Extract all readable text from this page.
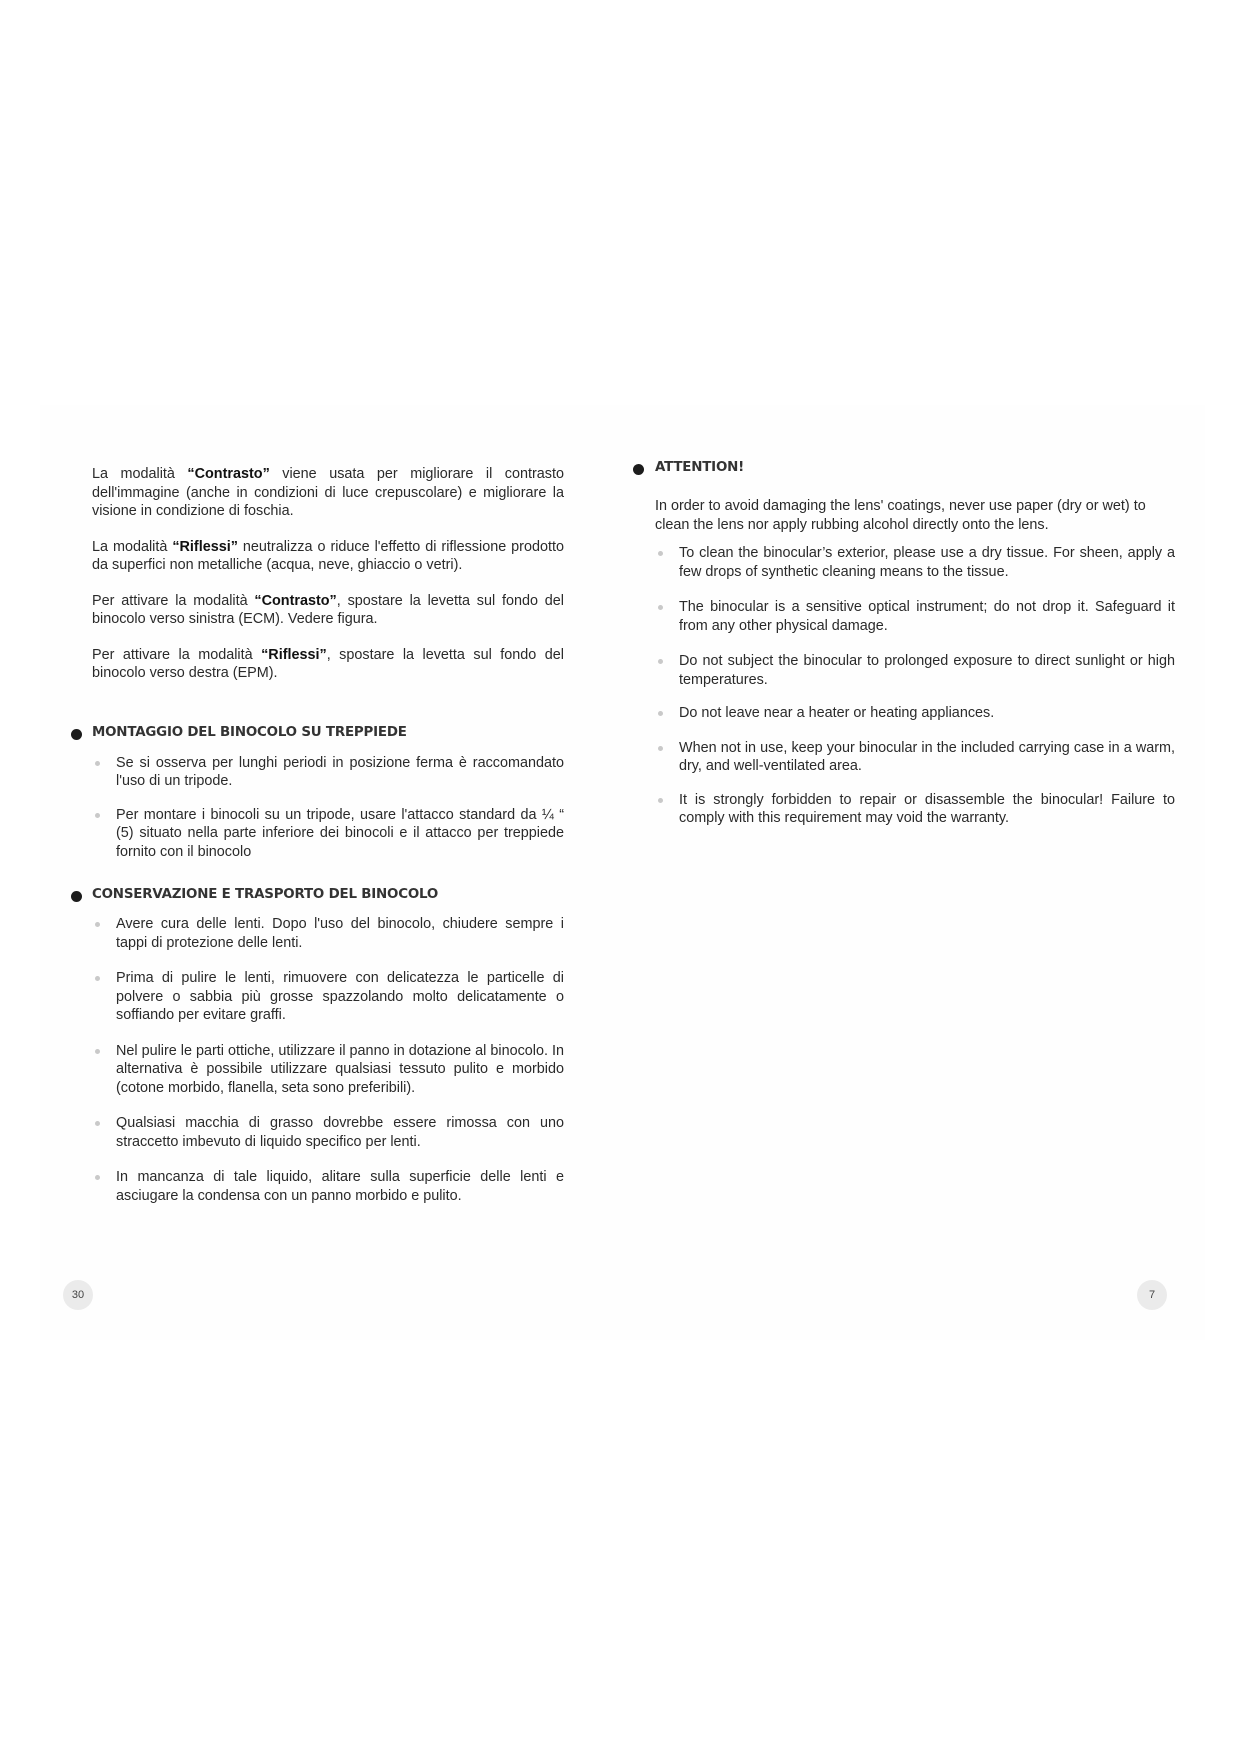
La modalità “Contrasto” viene usata per migliorare il contrasto dell'immagine (anche in condizioni di luce crepuscolare) e migliorare la visione in condizione di foschia.

La modalità “Riflessi” neutralizza o riduce l'effetto di riflessione prodotto da superfici non metalliche (acqua, neve, ghiaccio o vetri).

Per attivare la modalità “Contrasto”, spostare la levetta sul fondo del binocolo verso sinistra (ECM). Vedere figura.

Per attivare la modalità “Riflessi”, spostare la levetta sul fondo del binocolo verso destra (EPM).

MONTAGGIO DEL BINOCOLO SU TREPPIEDE

Se si osserva per lunghi periodi in posizione ferma è raccomandato l'uso di un tripode.

Per montare i binocoli su un tripode, usare l'attacco standard da ¼ “ (5) situato nella parte inferiore dei binocoli e il attacco per treppiede fornito con il binocolo

CONSERVAZIONE E TRASPORTO DEL BINOCOLO

Avere cura delle lenti. Dopo l'uso del binocolo, chiudere sempre i tappi di protezione delle lenti.

Prima di pulire le lenti, rimuovere con delicatezza le particelle di polvere o sabbia più grosse spazzolando molto delicatamente o soffiando per evitare graffi.

Nel pulire le parti ottiche, utilizzare il panno in dotazione al binocolo. In alternativa è possibile utilizzare qualsiasi tessuto pulito e morbido (cotone morbido, flanella, seta sono preferibili).

Qualsiasi macchia di grasso dovrebbe essere rimossa con uno straccetto imbevuto di liquido specifico per lenti.

In mancanza di tale liquido, alitare sulla superficie delle lenti e asciugare la condensa con un panno morbido e pulito.

30
ATTENTION!

In order to avoid damaging the lens' coatings, never use paper (dry or wet) to clean the lens nor apply rubbing alcohol directly onto the lens.

To clean the binocular’s exterior, please use a dry tissue. For sheen, apply a few drops of synthetic cleaning means to the tissue.

The binocular is a sensitive optical instrument; do not drop it. Safeguard it from any other physical damage.

Do not subject the binocular to prolonged exposure to direct sunlight or high temperatures.

Do not leave near a heater or heating appliances.

When not in use, keep your binocular in the included carrying case in a warm, dry, and well-ventilated area.

It is strongly forbidden to repair or disassemble the binocular! Failure to comply with this requirement may void the warranty.

7
